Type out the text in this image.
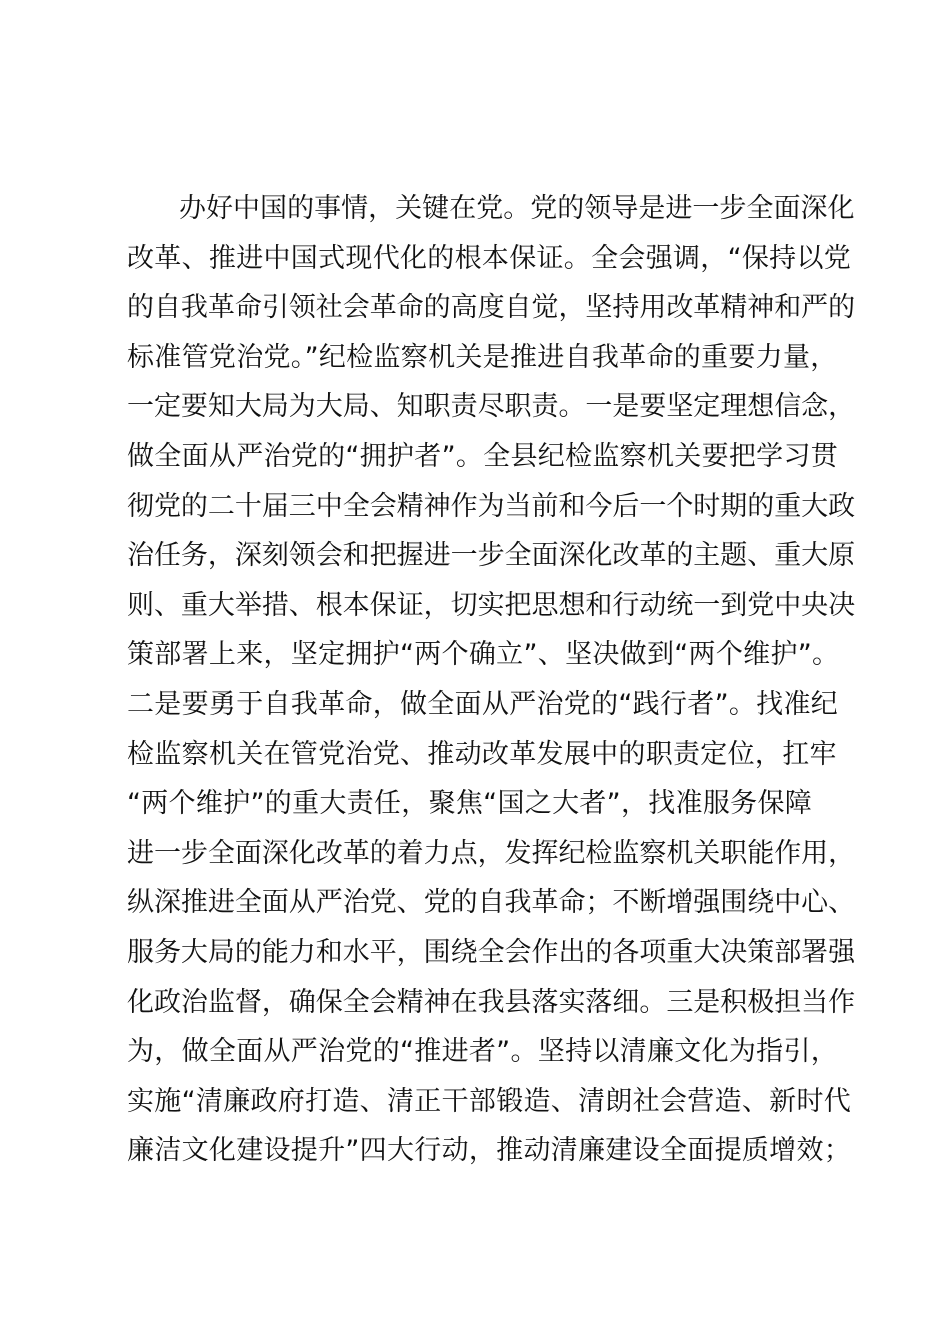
办好中国的事情，关键在党。党的领导是进一步全面深化
改革、推进中国式现代化的根本保证。全会强调，“保持以党
的自我革命引领社会革命的高度自觉，坚持用改革精神和严的
标准管党治党。”纪检监察机关是推进自我革命的重要力量，
一定要知大局为大局、知职责尽职责。一是要坚定理想信念，
做全面从严治党的“拥护者”。全县纪检监察机关要把学习贯
彻党的二十届三中全会精神作为当前和今后一个时期的重大政
治任务，深刻领会和把握进一步全面深化改革的主题、重大原
则、重大举措、根本保证，切实把思想和行动统一到党中央决
策部署上来，坚定拥护“两个确立”、坚决做到“两个维护”。
二是要勇于自我革命，做全面从严治党的“践行者”。找准纪
检监察机关在管党治党、推动改革发展中的职责定位，扛牢
“两个维护”的重大责任，聚焦“国之大者”，找准服务保障
进一步全面深化改革的着力点，发挥纪检监察机关职能作用，
纵深推进全面从严治党、党的自我革命；不断增强围绕中心、
服务大局的能力和水平，围绕全会作出的各项重大决策部署强
化政治监督，确保全会精神在我县落实落细。三是积极担当作
为，做全面从严治党的“推进者”。坚持以清廉文化为指引，
实施“清廉政府打造、清正干部锻造、清朗社会营造、新时代
廉洁文化建设提升”四大行动，推动清廉建设全面提质增效；
